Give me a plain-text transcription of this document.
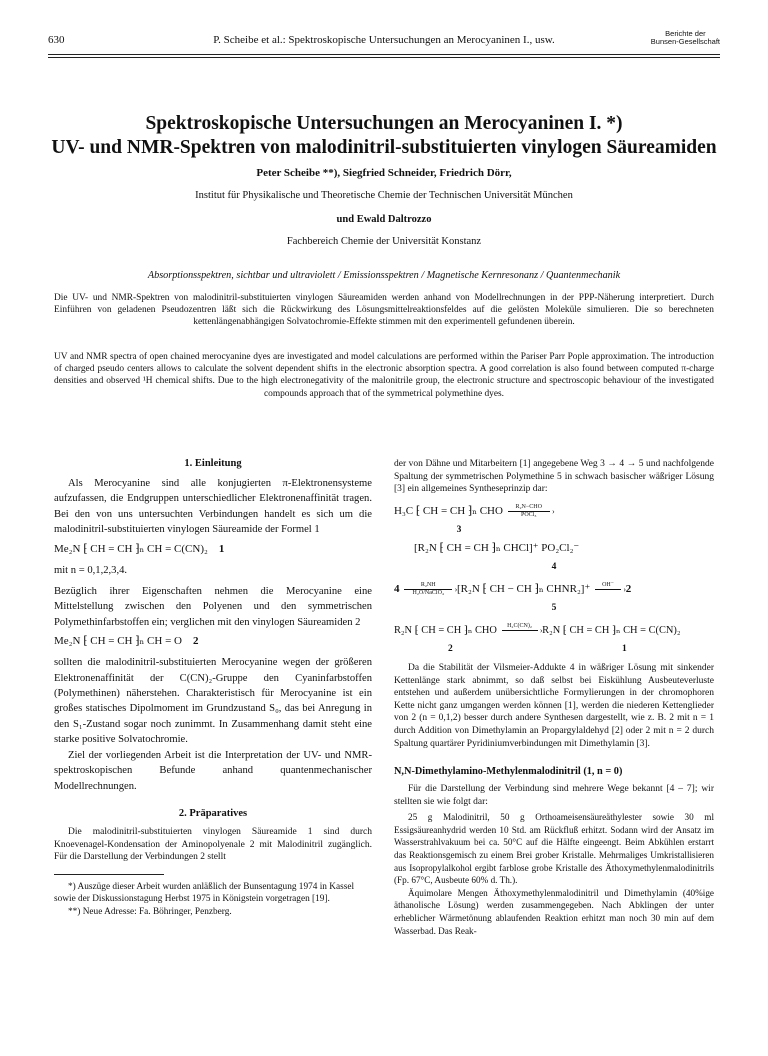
630	P. Scheibe et al.: Spektroskopische Untersuchungen an Merocyaninen I., usw.
Berichte der
Bunsen-Gesellschaft
Spektroskopische Untersuchungen an Merocyaninen I. *)
UV- und NMR-Spektren von malodinitril-substituierten vinylogen Säureamiden
Peter Scheibe **), Siegfried Schneider, Friedrich Dörr,
Institut für Physikalische und Theoretische Chemie der Technischen Universität München
und Ewald Daltrozzo
Fachbereich Chemie der Universität Konstanz
Absorptionsspektren, sichtbar und ultraviolett / Emissionsspektren / Magnetische Kernresonanz / Quantenmechanik
Die UV- und NMR-Spektren von malodinitril-substituierten vinylogen Säureamiden werden anhand von Modellrechnungen in der PPP-Näherung interpretiert. Durch Einführen von geladenen Pseudozentren läßt sich die Rückwirkung des Lösungsmittelreaktionsfeldes auf die gelösten Moleküle simulieren. Die so berechneten kettenlängenabhängigen Solvatochromie-Effekte stimmen mit den experimentell gefundenen überein.
UV and NMR spectra of open chained merocyanine dyes are investigated and model calculations are performed within the Pariser Parr Pople approximation. The introduction of charged pseudo centers allows to calculate the solvent dependent shifts in the electronic absorption spectra. A good correlation is also found between computed π-charge densities and observed ¹H chemical shifts. Due to the high electronegativity of the malonitrile group, the electronic structure and spectroscopic behaviour of the investigated compounds approach that of the symmetrical polymethine dyes.
1. Einleitung

Als Merocyanine sind alle konjugierten π-Elektronensysteme aufzufassen, die Endgruppen unterschiedlicher Elektronenaffinität tragen. Bei den von uns untersuchten Verbindungen handelt es sich um die malodinitril-substituierten vinylogen Säureamide der Formel 1

Me₂N ⁅ CH = CH ⁆ₙ CH = C(CN)₂ 1

mit n = 0,1,2,3,4.

Bezüglich ihrer Eigenschaften nehmen die Merocyanine eine Mittelstellung zwischen den Polyenen und den symmetrischen Polymethinfarbstoffen ein; verglichen mit den vinylogen Säureamiden 2

Me₂N ⁅ CH = CH ⁆ₙ CH = O 2

sollten die malodinitril-substituierten Merocyanine wegen der größeren Elektronenaffinität der C(CN)₂-Gruppe den Cyaninfarbstoffen (Polymethinen) näherstehen. Charakteristisch für Merocyanine ist ein großes statisches Dipolmoment im Grundzustand S₀, das bei Anregung in den S₁-Zustand sogar noch zunimmt. In Zusammenhang damit steht eine starke positive Solvatochromie.

Ziel der vorliegenden Arbeit ist die Interpretation der UV- und NMR-spektroskopischen Befunde anhand quantenmechanischer Modellrechnungen.

2. Präparatives

Die malodinitril-substituierten vinylogen Säureamide 1 sind durch Knoevenagel-Kondensation der Aminopolyenale 2 mit Malodinitril zugänglich. Für die Darstellung der Verbindungen 2 stellt

*) Auszüge dieser Arbeit wurden anläßlich der Bunsentagung 1974 in Kassel sowie der Diskussionstagung Herbst 1975 in Königstein vorgetragen [19].

**) Neue Adresse: Fa. Böhringer, Penzberg.

der von Dähne und Mitarbeitern [1] angegebene Weg 3 → 4 → 5 und nachfolgende Spaltung der symmetrischen Polymethine 5 in schwach basischer wäßriger Lösung [3] ein allgemeines Syntheseprinzip dar:

H₃C ⁅ CH = CH ⁆ₙ CHO	R₂N−CHO
POCl₃	›
3
[R₂N ⁅ CH = CH ⁆ₙ CHCl]⁺ PO₂Cl₂⁻
4
4	R₂NH
H₂O/NaClO₄	› [R₂N ⁅ CH − CH ⁆ₙ CHNR₂]⁺	OH⁻
	› 2
5
R₂N ⁅ CH = CH ⁆ₙ CHO	H₂C(CN)₂
› R₂N ⁅ CH = CH ⁆ₙ CH = C(CN)₂
2	1

Da die Stabilität der Vilsmeier-Addukte 4 in wäßriger Lösung mit sinkender Kettenlänge stark abnimmt, so daß selbst bei Eiskühlung Ausbeuteverluste entstehen und außerdem unübersichtliche Formylierungen in der chromophoren Kette nicht ganz umgangen werden können [1], werden die niederen Kettenglieder von 2 (n = 0,1,2) besser durch andere Synthesen dargestellt, wie z. B. 2 mit n = 1 durch Addition von Dimethylamin an Propargylaldehyd [2] oder 2 mit n = 2 durch Spaltung quartärer Pyridiniumverbindungen mit Dimethylamin [3].

N,N-Dimethylamino-Methylenmalodinitril (1, n = 0)

Für die Darstellung der Verbindung sind mehrere Wege bekannt [4 – 7]; wir stellten sie wie folgt dar:

25 g Malodinitril, 50 g Orthoameisensäureäthylester sowie 30 ml Essigsäureanhydrid werden 10 Std. am Rückfluß erhitzt. Sodann wird der Ansatz im Wasserstrahlvakuum bei ca. 50°C auf die Hälfte eingeengt. Beim Abkühlen erstarrt das Reaktionsgemisch zu einem Brei grober Kristalle. Mehrmaliges Umkristallisieren aus Isopropylalkohol ergibt farblose grobe Kristalle des Äthoxymethylenmalodinitrils (Fp. 67°C, Ausbeute 60% d. Th.).

Äquimolare Mengen Äthoxymethylenmalodinitril und Dimethylamin (40%ige äthanolische Lösung) werden zusammengegeben. Nach Abklingen der unter erheblicher Wärmetönung ablaufenden Reaktion erhitzt man noch 30 min auf dem Wasserbad. Das Reak-
